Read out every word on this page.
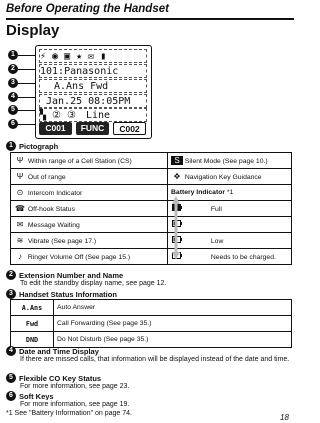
Before Operating the Handset
Display
1
2
3
4
5
6
⚡ ◉ ▣ ★ ✉ ▮
101:Panasonic
A.Ans Fwd
Jan.25 08:05PM
▚ ② ③ Line
C001	FUNC	C002
1 Pictograph
Ψ Within range of a Cell Station (CS)	S Silent Mode (See page 10.)
Ψ Out of range	✥ Navigation Key Guidance
⊙ Intercom Indicator	Battery Indicator *1
☎ Off-hook Status	Full
✉ Message Waiting	
≋ Vibrate (See page 17.)	Low
♪ Ringer Volume Off (See page 15.)	Needs to be charged.
2 Extension Number and Name
To edit the standby display name, see page 12.
3 Handset Status Information
A.Ans	Auto Answer
Fwd	Call Forwarding (See page 35.)
DND	Do Not Disturb (See page 35.)
4 Date and Time Display
If there are missed calls, that information will be displayed instead of the date and time.
5 Flexible CO Key Status
For more information, see page 23.
6 Soft Keys
For more information, see page 19.
*1 See "Battery Information" on page 74.	18
